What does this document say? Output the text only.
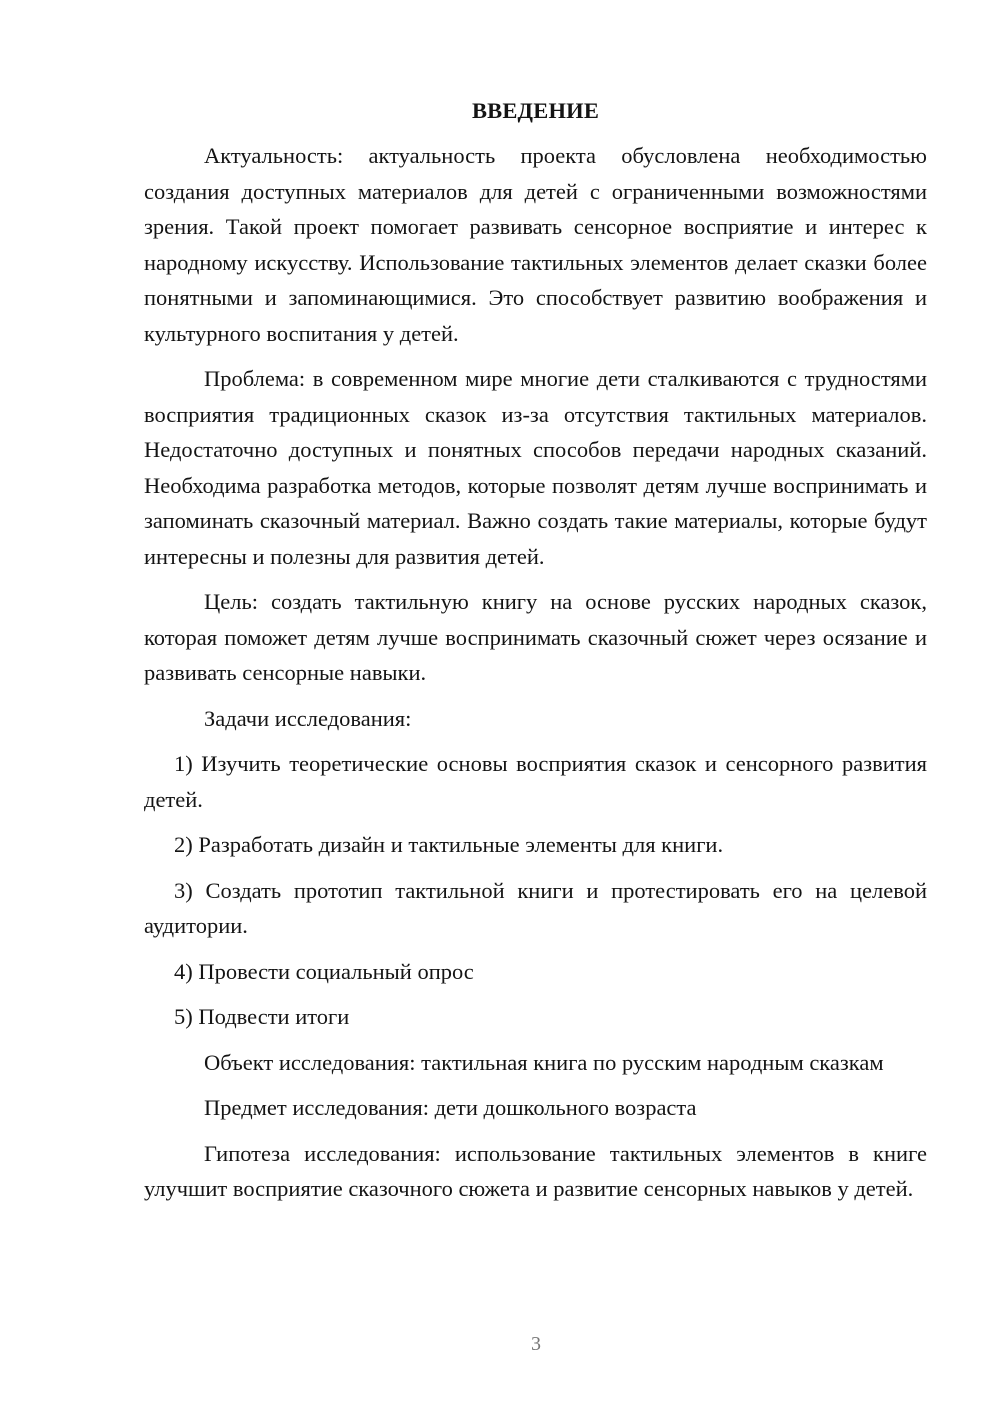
ВВЕДЕНИЕ
Актуальность: актуальность проекта обусловлена необходимостью создания доступных материалов для детей с ограниченными возможностями зрения. Такой проект помогает развивать сенсорное восприятие и интерес к народному искусству. Использование тактильных элементов делает сказки более понятными и запоминающимися. Это способствует развитию воображения и культурного воспитания у детей.
Проблема: в современном мире многие дети сталкиваются с трудностями восприятия традиционных сказок из-за отсутствия тактильных материалов. Недостаточно доступных и понятных способов передачи народных сказаний. Необходима разработка методов, которые позволят детям лучше воспринимать и запоминать сказочный материал. Важно создать такие материалы, которые будут интересны и полезны для развития детей.
Цель: создать тактильную книгу на основе русских народных сказок, которая поможет детям лучше воспринимать сказочный сюжет через осязание и развивать сенсорные навыки.
Задачи исследования:
1) Изучить теоретические основы восприятия сказок и сенсорного развития детей.
2) Разработать дизайн и тактильные элементы для книги.
3) Создать прототип тактильной книги и протестировать его на целевой аудитории.
4) Провести социальный опрос
5) Подвести итоги
Объект исследования: тактильная книга по русским народным сказкам
Предмет исследования: дети дошкольного возраста
Гипотеза исследования: использование тактильных элементов в книге улучшит восприятие сказочного сюжета и развитие сенсорных навыков у детей.
3
